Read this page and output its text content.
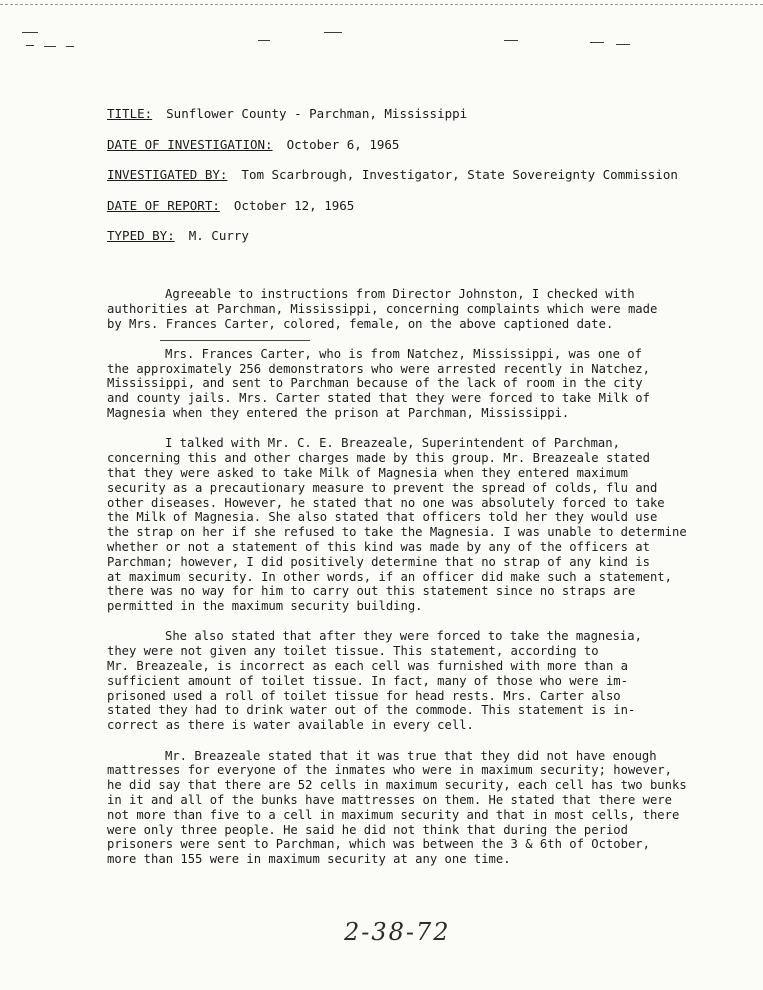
TITLE: Sunflower County - Parchman, Mississippi
DATE OF INVESTIGATION: October 6, 1965
INVESTIGATED BY: Tom Scarbrough, Investigator, State Sovereignty Commission
DATE OF REPORT: October 12, 1965
TYPED BY: M. Curry
Agreeable to instructions from Director Johnston, I checked with
authorities at Parchman, Mississippi, concerning complaints which were made
by Mrs. Frances Carter, colored, female, on the above captioned date.
Mrs. Frances Carter, who is from Natchez, Mississippi, was one of
the approximately 256 demonstrators who were arrested recently in Natchez,
Mississippi, and sent to Parchman because of the lack of room in the city
and county jails. Mrs. Carter stated that they were forced to take Milk of
Magnesia when they entered the prison at Parchman, Mississippi.
I talked with Mr. C. E. Breazeale, Superintendent of Parchman,
concerning this and other charges made by this group. Mr. Breazeale stated
that they were asked to take Milk of Magnesia when they entered maximum
security as a precautionary measure to prevent the spread of colds, flu and
other diseases. However, he stated that no one was absolutely forced to take
the Milk of Magnesia. She also stated that officers told her they would use
the strap on her if she refused to take the Magnesia. I was unable to determine
whether or not a statement of this kind was made by any of the officers at
Parchman; however, I did positively determine that no strap of any kind is
at maximum security. In other words, if an officer did make such a statement,
there was no way for him to carry out this statement since no straps are
permitted in the maximum security building.
She also stated that after they were forced to take the magnesia,
they were not given any toilet tissue. This statement, according to
Mr. Breazeale, is incorrect as each cell was furnished with more than a
sufficient amount of toilet tissue. In fact, many of those who were im-
prisoned used a roll of toilet tissue for head rests. Mrs. Carter also
stated they had to drink water out of the commode. This statement is in-
correct as there is water available in every cell.
Mr. Breazeale stated that it was true that they did not have enough
mattresses for everyone of the inmates who were in maximum security; however,
he did say that there are 52 cells in maximum security, each cell has two bunks
in it and all of the bunks have mattresses on them. He stated that there were
not more than five to a cell in maximum security and that in most cells, there
were only three people. He said he did not think that during the period
prisoners were sent to Parchman, which was between the 3 & 6th of October,
more than 155 were in maximum security at any one time.
2-38-72
